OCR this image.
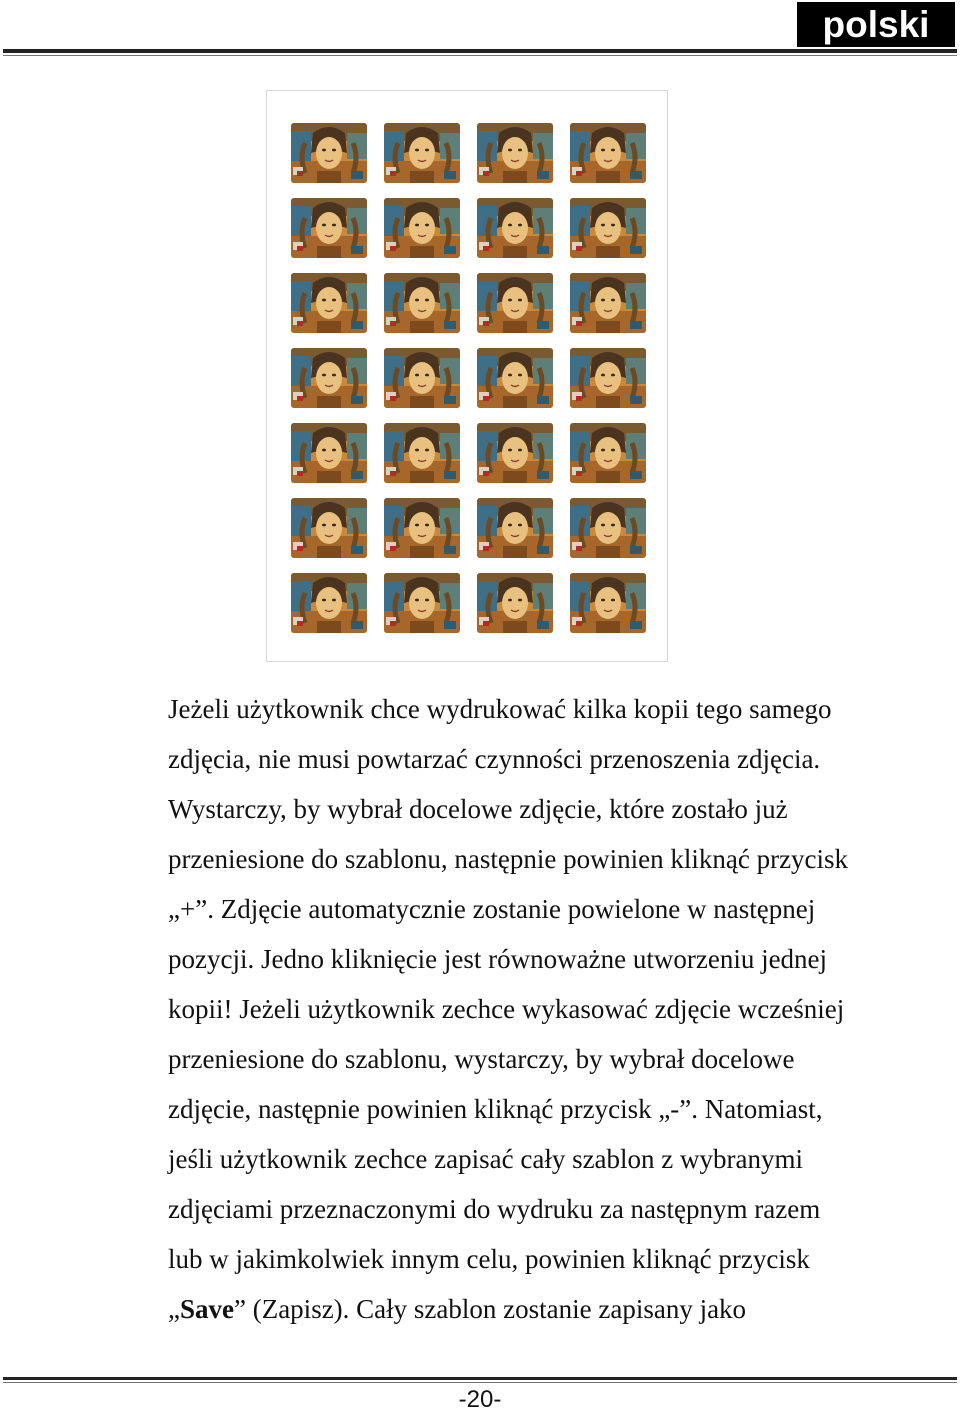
polski
Jeżeli użytkownik chce wydrukować kilka kopii tego samego
zdjęcia, nie musi powtarzać czynności przenoszenia zdjęcia.
Wystarczy, by wybrał docelowe zdjęcie, które zostało już
przeniesione do szablonu, następnie powinien kliknąć przycisk
„+”. Zdjęcie automatycznie zostanie powielone w następnej
pozycji. Jedno kliknięcie jest równoważne utworzeniu jednej
kopii! Jeżeli użytkownik zechce wykasować zdjęcie wcześniej
przeniesione do szablonu, wystarczy, by wybrał docelowe
zdjęcie, następnie powinien kliknąć przycisk „-”. Natomiast,
jeśli użytkownik zechce zapisać cały szablon z wybranymi
zdjęciami przeznaczonymi do wydruku za następnym razem
lub w jakimkolwiek innym celu, powinien kliknąć przycisk
„Save” (Zapisz). Cały szablon zostanie zapisany jako
-20-
